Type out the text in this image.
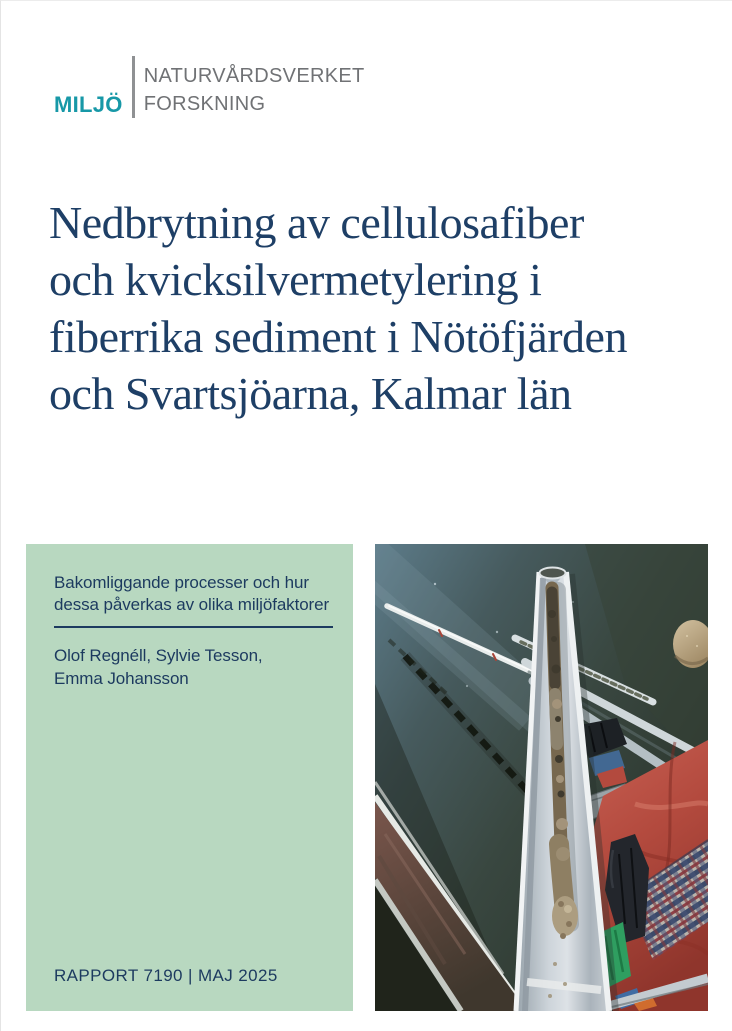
MILJÖ
NATURVÅRDSVERKET
FORSKNING
Nedbrytning av cellulosafiber
och kvicksilvermetylering i
fiberrika sediment i Nötöfjärden
och Svartsjöarna, Kalmar län
Bakomliggande processer och hur
dessa påverkas av olika miljöfaktorer
Olof Regnéll, Sylvie Tesson,
Emma Johansson
RAPPORT 7190 | MAJ 2025
